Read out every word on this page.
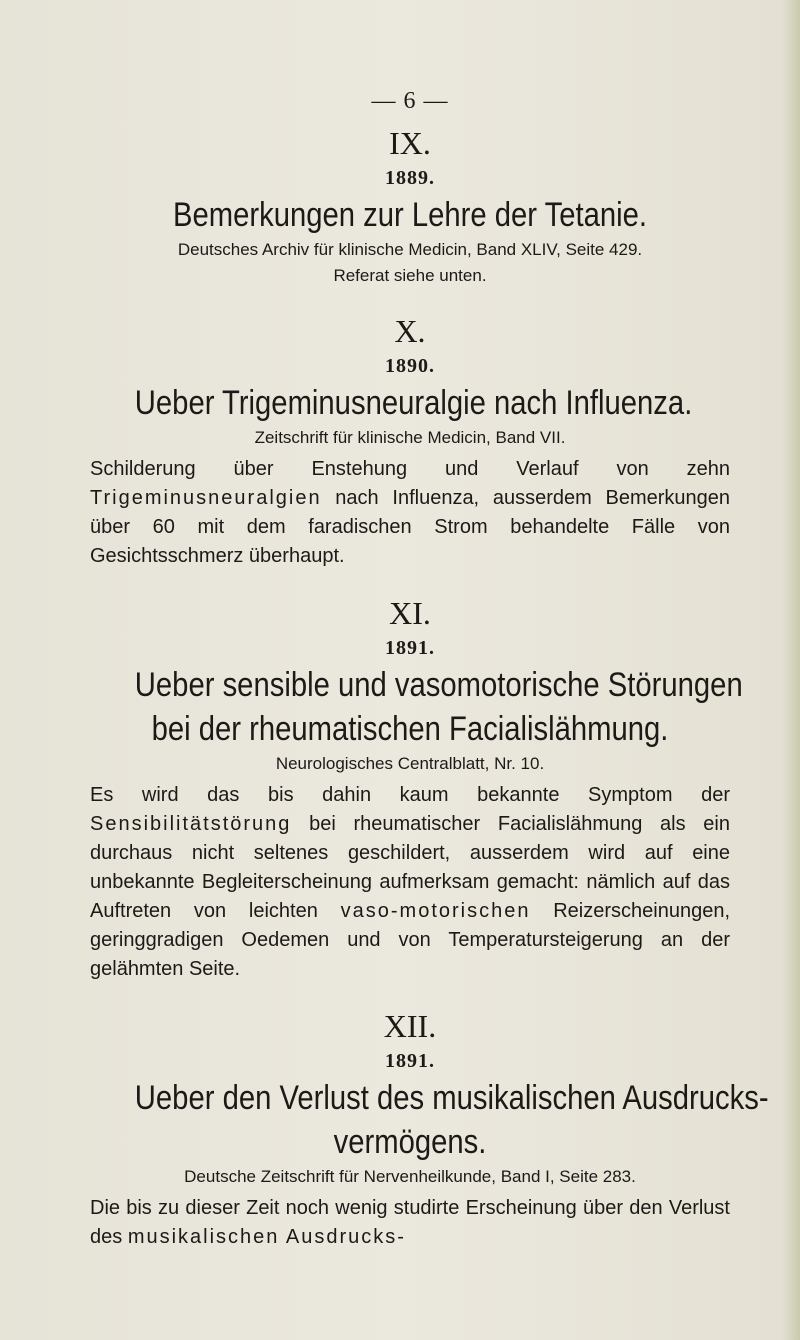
— 6 —

IX.

1889.

Bemerkungen zur Lehre der Tetanie.

Deutsches Archiv für klinische Medicin, Band XLIV, Seite 429.

Referat siehe unten.

X.

1890.

Ueber Trigeminusneuralgie nach Influenza.

Zeitschrift für klinische Medicin, Band VII.

Schilderung über Enstehung und Verlauf von zehn Trigeminusneuralgien nach Influenza, ausserdem Bemerkungen über 60 mit dem faradischen Strom behandelte Fälle von Gesichtsschmerz überhaupt.

XI.

1891.

Ueber sensible und vasomotorische Störungen

bei der rheumatischen Facialislähmung.

Neurologisches Centralblatt, Nr. 10.

Es wird das bis dahin kaum bekannte Symptom der Sensibilitätstörung bei rheumatischer Facialislähmung als ein durchaus nicht seltenes geschildert, ausserdem wird auf eine unbekannte Begleiterscheinung aufmerksam gemacht: nämlich auf das Auftreten von leichten vaso-motorischen Reizerscheinungen, geringgradigen Oedemen und von Temperatursteigerung an der gelähmten Seite.

XII.

1891.

Ueber den Verlust des musikalischen Ausdrucks-

vermögens.

Deutsche Zeitschrift für Nervenheilkunde, Band I, Seite 283.

Die bis zu dieser Zeit noch wenig studirte Erscheinung über den Verlust des musikalischen Ausdrucks-
